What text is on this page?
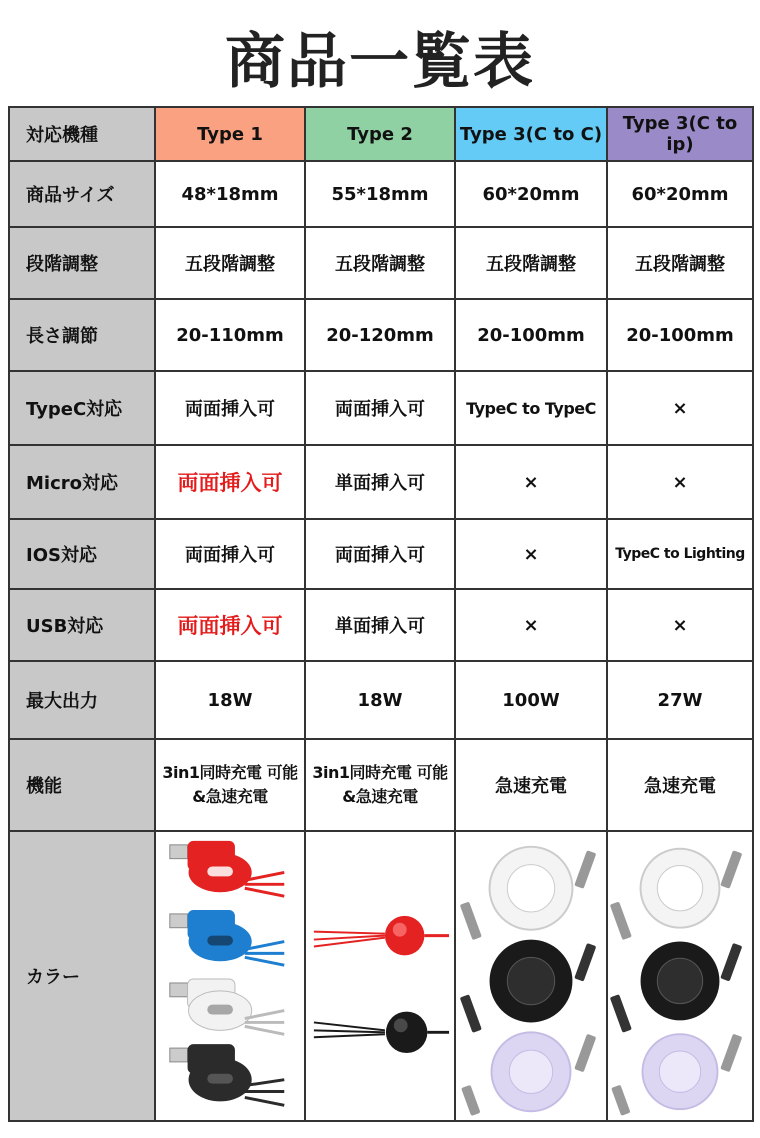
商品一覧表
対応機種	Type 1	Type 2	Type 3(C to C)	Type 3(C to ip)
商品サイズ	48*18mm	55*18mm	60*20mm	60*20mm
段階調整	五段階調整	五段階調整	五段階調整	五段階調整
長さ調節	20-110mm	20-120mm	20-100mm	20-100mm
TypeC対応	両面挿入可	両面挿入可	TypeC to TypeC	×
Micro対応	両面挿入可	単面挿入可	×	×
IOS対応	両面挿入可	両面挿入可	×	TypeC to Lighting
USB対応	両面挿入可	単面挿入可	×	×
最大出力	18W	18W	100W	27W
機能	3in1同時充電 可能&急速充電	3in1同時充電 可能&急速充電	急速充電	急速充電
カラー	
